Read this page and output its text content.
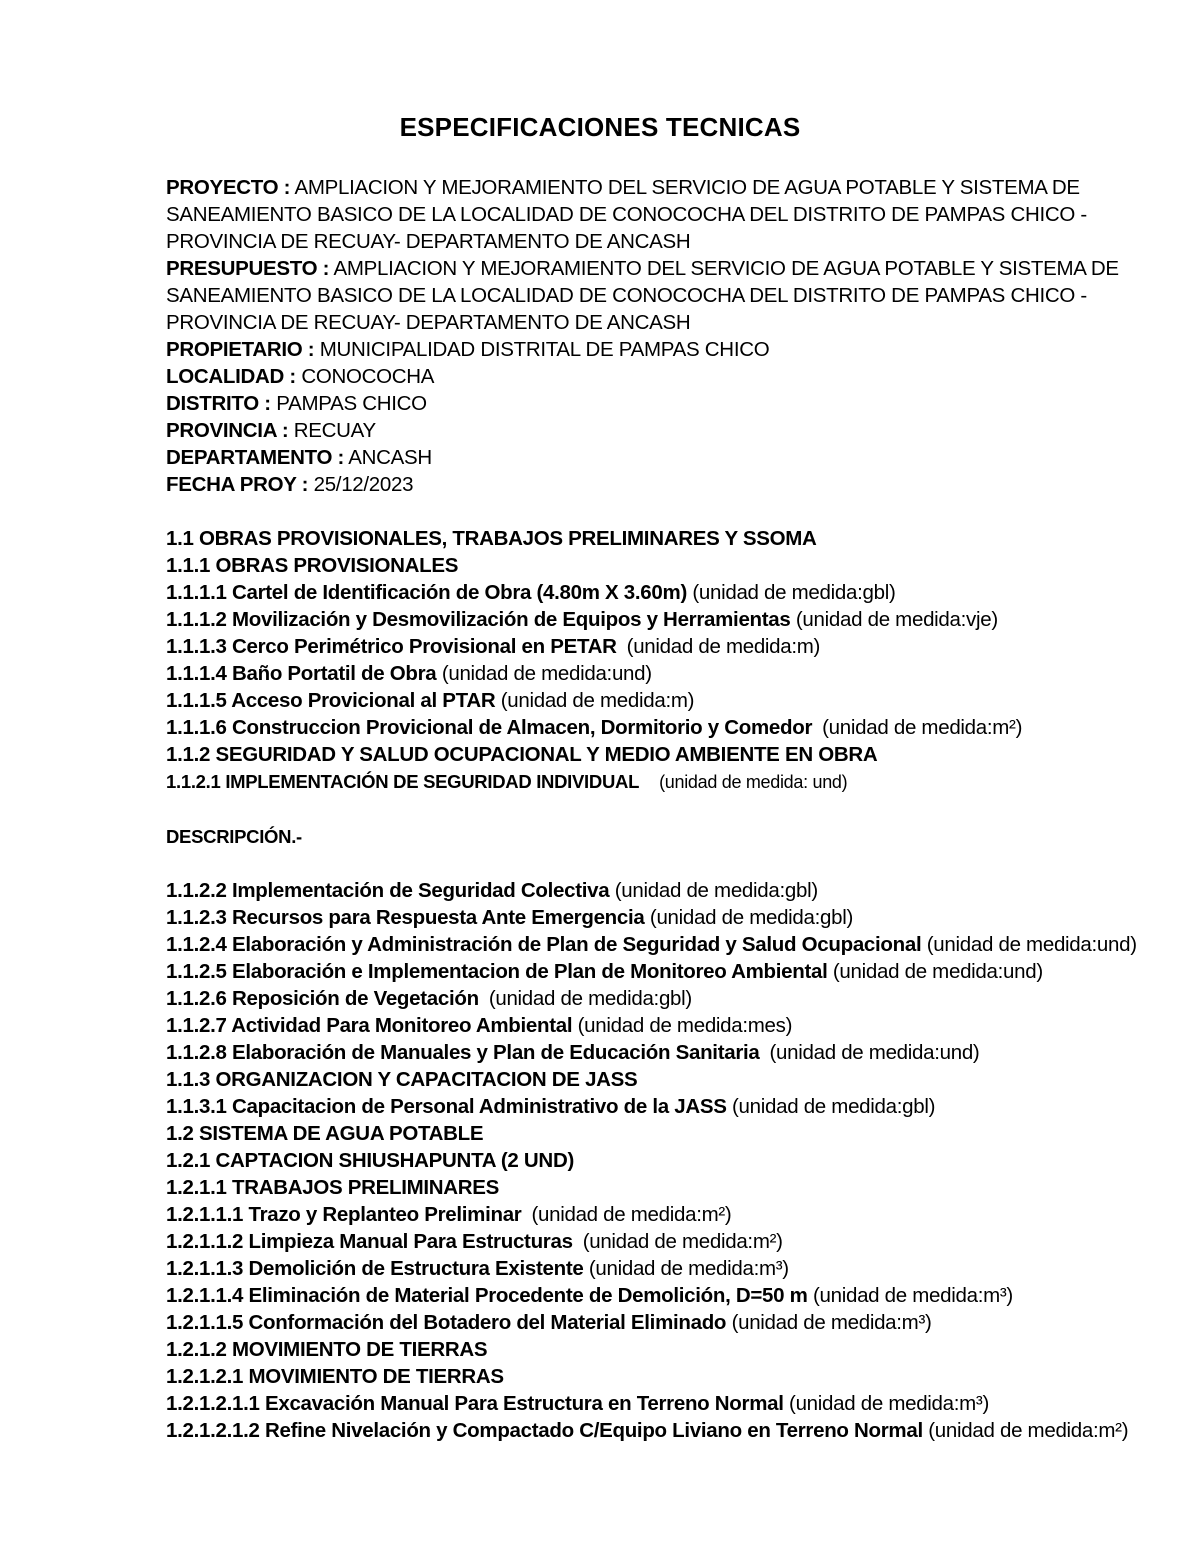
ESPECIFICACIONES TECNICAS
PROYECTO : AMPLIACION Y MEJORAMIENTO DEL SERVICIO DE AGUA POTABLE Y SISTEMA DE SANEAMIENTO BASICO DE LA LOCALIDAD DE CONOCOCHA DEL DISTRITO DE PAMPAS CHICO - PROVINCIA DE RECUAY- DEPARTAMENTO DE ANCASH
PRESUPUESTO : AMPLIACION Y MEJORAMIENTO DEL SERVICIO DE AGUA POTABLE Y SISTEMA DE SANEAMIENTO BASICO DE LA LOCALIDAD DE CONOCOCHA DEL DISTRITO DE PAMPAS CHICO - PROVINCIA DE RECUAY- DEPARTAMENTO DE ANCASH
PROPIETARIO : MUNICIPALIDAD DISTRITAL DE PAMPAS CHICO
LOCALIDAD : CONOCOCHA
DISTRITO : PAMPAS CHICO
PROVINCIA : RECUAY
DEPARTAMENTO : ANCASH
FECHA PROY : 25/12/2023
1.1 OBRAS PROVISIONALES, TRABAJOS PRELIMINARES Y SSOMA
1.1.1 OBRAS PROVISIONALES
1.1.1.1 Cartel de Identificación de Obra (4.80m X 3.60m) (unidad de medida:gbl)
1.1.1.2 Movilización y Desmovilización de Equipos y Herramientas (unidad de medida:vje)
1.1.1.3 Cerco Perimétrico Provisional en PETAR (unidad de medida:m)
1.1.1.4 Baño Portatil de Obra (unidad de medida:und)
1.1.1.5 Acceso Provicional al PTAR (unidad de medida:m)
1.1.1.6 Construccion Provicional de Almacen, Dormitorio y Comedor (unidad de medida:m²)
1.1.2 SEGURIDAD Y SALUD OCUPACIONAL Y MEDIO AMBIENTE EN OBRA
1.1.2.1 IMPLEMENTACIÓN DE SEGURIDAD INDIVIDUAL (unidad de medida: und)
DESCRIPCIÓN.-
1.1.2.2 Implementación de Seguridad Colectiva (unidad de medida:gbl)
1.1.2.3 Recursos para Respuesta Ante Emergencia (unidad de medida:gbl)
1.1.2.4 Elaboración y Administración de Plan de Seguridad y Salud Ocupacional (unidad de medida:und)
1.1.2.5 Elaboración e Implementacion de Plan de Monitoreo Ambiental (unidad de medida:und)
1.1.2.6 Reposición de Vegetación (unidad de medida:gbl)
1.1.2.7 Actividad Para Monitoreo Ambiental (unidad de medida:mes)
1.1.2.8 Elaboración de Manuales y Plan de Educación Sanitaria (unidad de medida:und)
1.1.3 ORGANIZACION Y CAPACITACION DE JASS
1.1.3.1 Capacitacion de Personal Administrativo de la JASS (unidad de medida:gbl)
1.2 SISTEMA DE AGUA POTABLE
1.2.1 CAPTACION SHIUSHAPUNTA (2 UND)
1.2.1.1 TRABAJOS PRELIMINARES
1.2.1.1.1 Trazo y Replanteo Preliminar (unidad de medida:m²)
1.2.1.1.2 Limpieza Manual Para Estructuras (unidad de medida:m²)
1.2.1.1.3 Demolición de Estructura Existente (unidad de medida:m³)
1.2.1.1.4 Eliminación de Material Procedente de Demolición, D=50 m (unidad de medida:m³)
1.2.1.1.5 Conformación del Botadero del Material Eliminado (unidad de medida:m³)
1.2.1.2 MOVIMIENTO DE TIERRAS
1.2.1.2.1 MOVIMIENTO DE TIERRAS
1.2.1.2.1.1 Excavación Manual Para Estructura en Terreno Normal (unidad de medida:m³)
1.2.1.2.1.2 Refine Nivelación y Compactado C/Equipo Liviano en Terreno Normal (unidad de medida:m²)
